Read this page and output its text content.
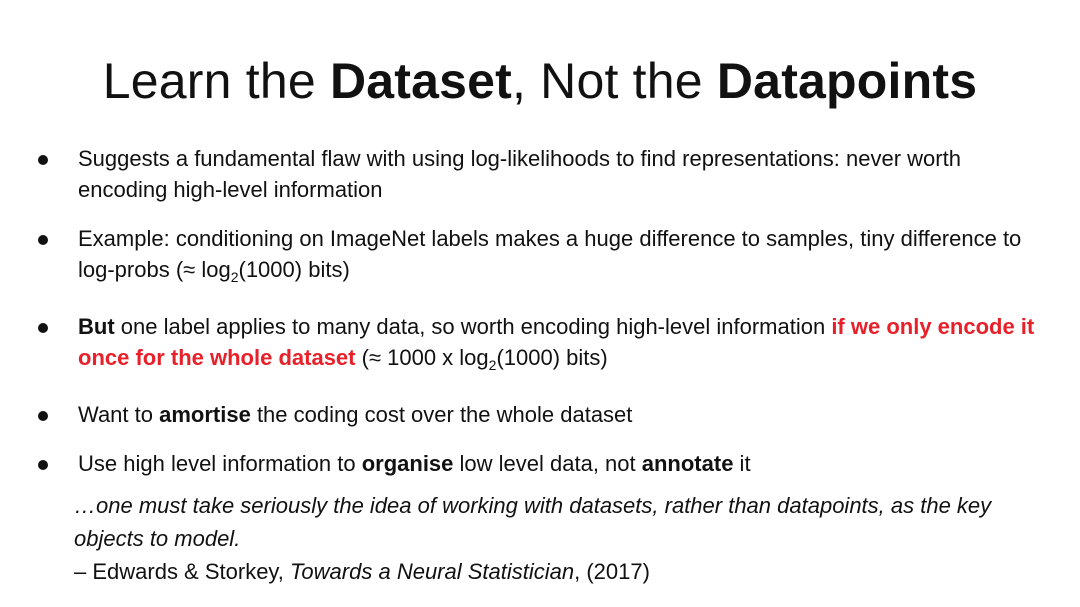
Learn the Dataset, Not the Datapoints
Suggests a fundamental flaw with using log-likelihoods to find representations: never worth encoding high-level information
Example: conditioning on ImageNet labels makes a huge difference to samples, tiny difference to log-probs (≈ $\log_2(1000)$ bits)
But one label applies to many data, so worth encoding high-level information if we only encode it once for the whole dataset (≈ 1000 x $\log_2(1000)$ bits)
Want to amortise the coding cost over the whole dataset
Use high level information to organise low level data, not annotate it
…one must take seriously the idea of working with datasets, rather than datapoints, as the key objects to model.
– Edwards & Storkey, Towards a Neural Statistician, (2017)
